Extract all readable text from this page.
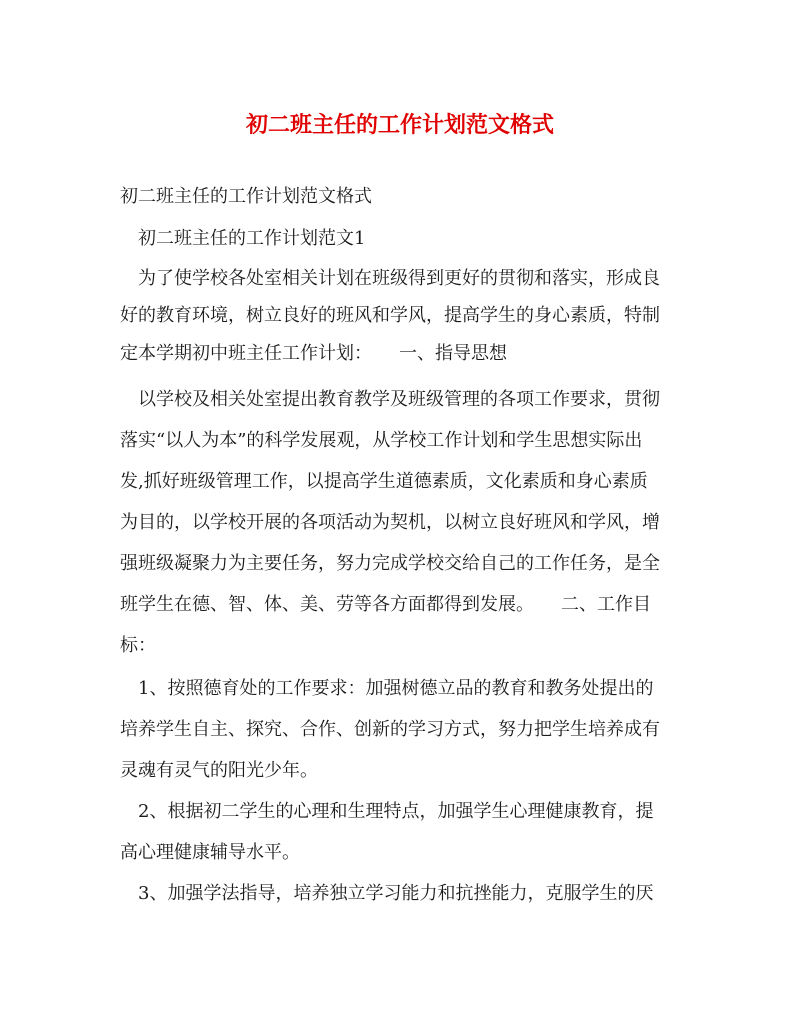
初二班主任的工作计划范文格式

初二班主任的工作计划范文格式

　初二班主任的工作计划范文1

　为了使学校各处室相关计划在班级得到更好的贯彻和落实，形成良

好的教育环境，树立良好的班风和学风，提高学生的身心素质，特制

定本学期初中班主任工作计划：　　一、指导思想

　以学校及相关处室提出教育教学及班级管理的各项工作要求，贯彻

落实“以人为本”的科学发展观，从学校工作计划和学生思想实际出

发,抓好班级管理工作，以提高学生道德素质，文化素质和身心素质

为目的，以学校开展的各项活动为契机，以树立良好班风和学风，增

强班级凝聚力为主要任务，努力完成学校交给自己的工作任务，是全

班学生在德、智、体、美、劳等各方面都得到发展。　　二、工作目

标：

　1、按照德育处的工作要求：加强树德立品的教育和教务处提出的

培养学生自主、探究、合作、创新的学习方式，努力把学生培养成有

灵魂有灵气的阳光少年。

　2、根据初二学生的心理和生理特点，加强学生心理健康教育，提

高心理健康辅导水平。

　3、加强学法指导，培养独立学习能力和抗挫能力，克服学生的厌
